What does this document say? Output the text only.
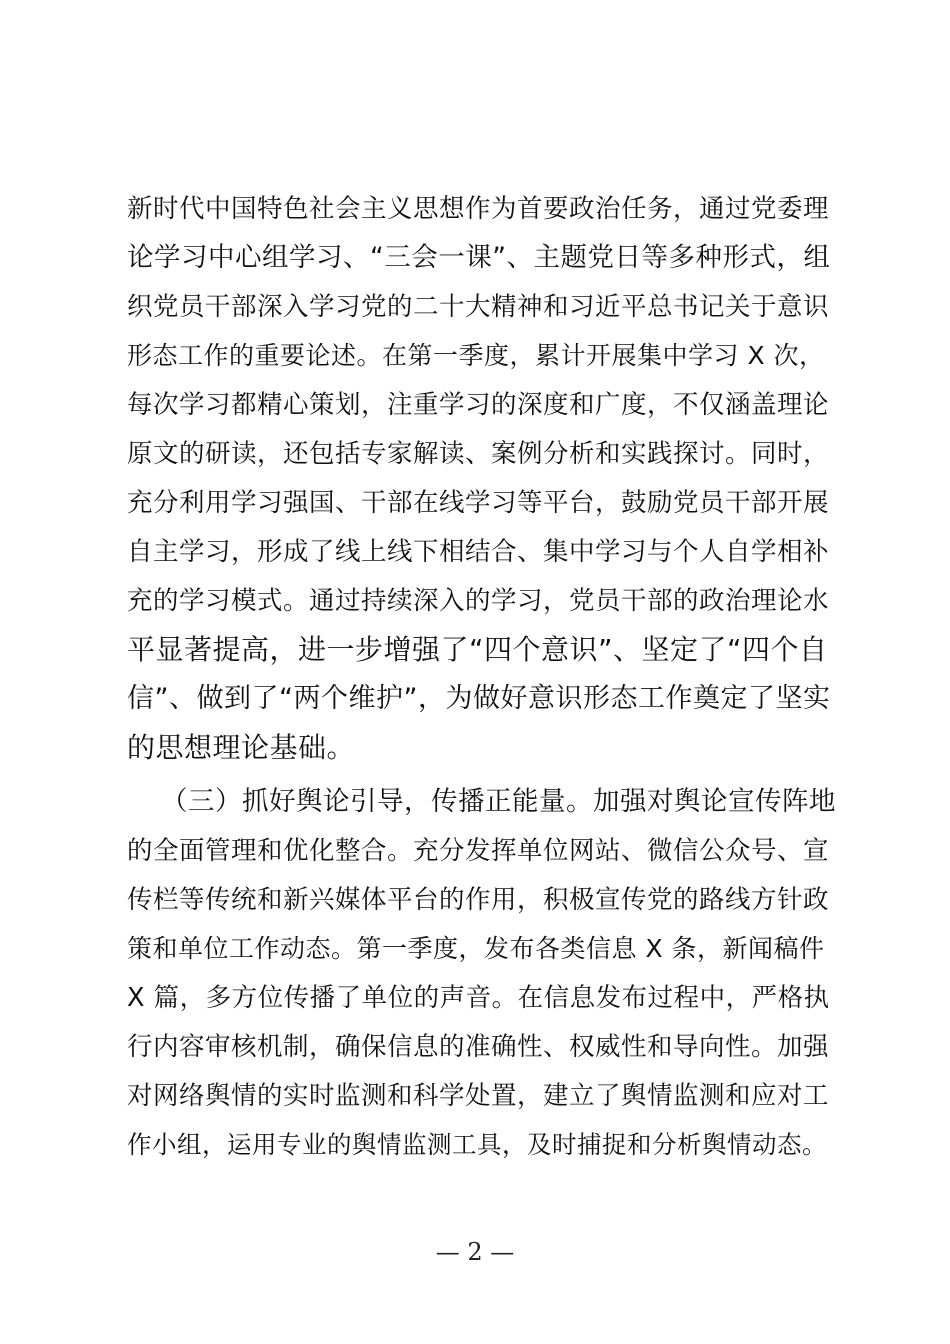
新时代中国特色社会主义思想作为首要政治任务，通过党委理
论学习中心组学习、“三会一课”、主题党日等多种形式，组
织党员干部深入学习党的二十大精神和习近平总书记关于意识
形态工作的重要论述。在第一季度，累计开展集中学习 X 次，
每次学习都精心策划，注重学习的深度和广度，不仅涵盖理论
原文的研读，还包括专家解读、案例分析和实践探讨。同时，
充分利用学习强国、干部在线学习等平台，鼓励党员干部开展
自主学习，形成了线上线下相结合、集中学习与个人自学相补
充的学习模式。通过持续深入的学习，党员干部的政治理论水
平显著提高，进一步增强了“四个意识”、坚定了“四个自
信”、做到了“两个维护”，为做好意识形态工作奠定了坚实
的思想理论基础。
（三）抓好舆论引导，传播正能量。加强对舆论宣传阵地
的全面管理和优化整合。充分发挥单位网站、微信公众号、宣
传栏等传统和新兴媒体平台的作用，积极宣传党的路线方针政
策和单位工作动态。第一季度，发布各类信息 X 条，新闻稿件
X 篇，多方位传播了单位的声音。在信息发布过程中，严格执
行内容审核机制，确保信息的准确性、权威性和导向性。加强
对网络舆情的实时监测和科学处置，建立了舆情监测和应对工
作小组，运用专业的舆情监测工具，及时捕捉和分析舆情动态。
— 2 —
